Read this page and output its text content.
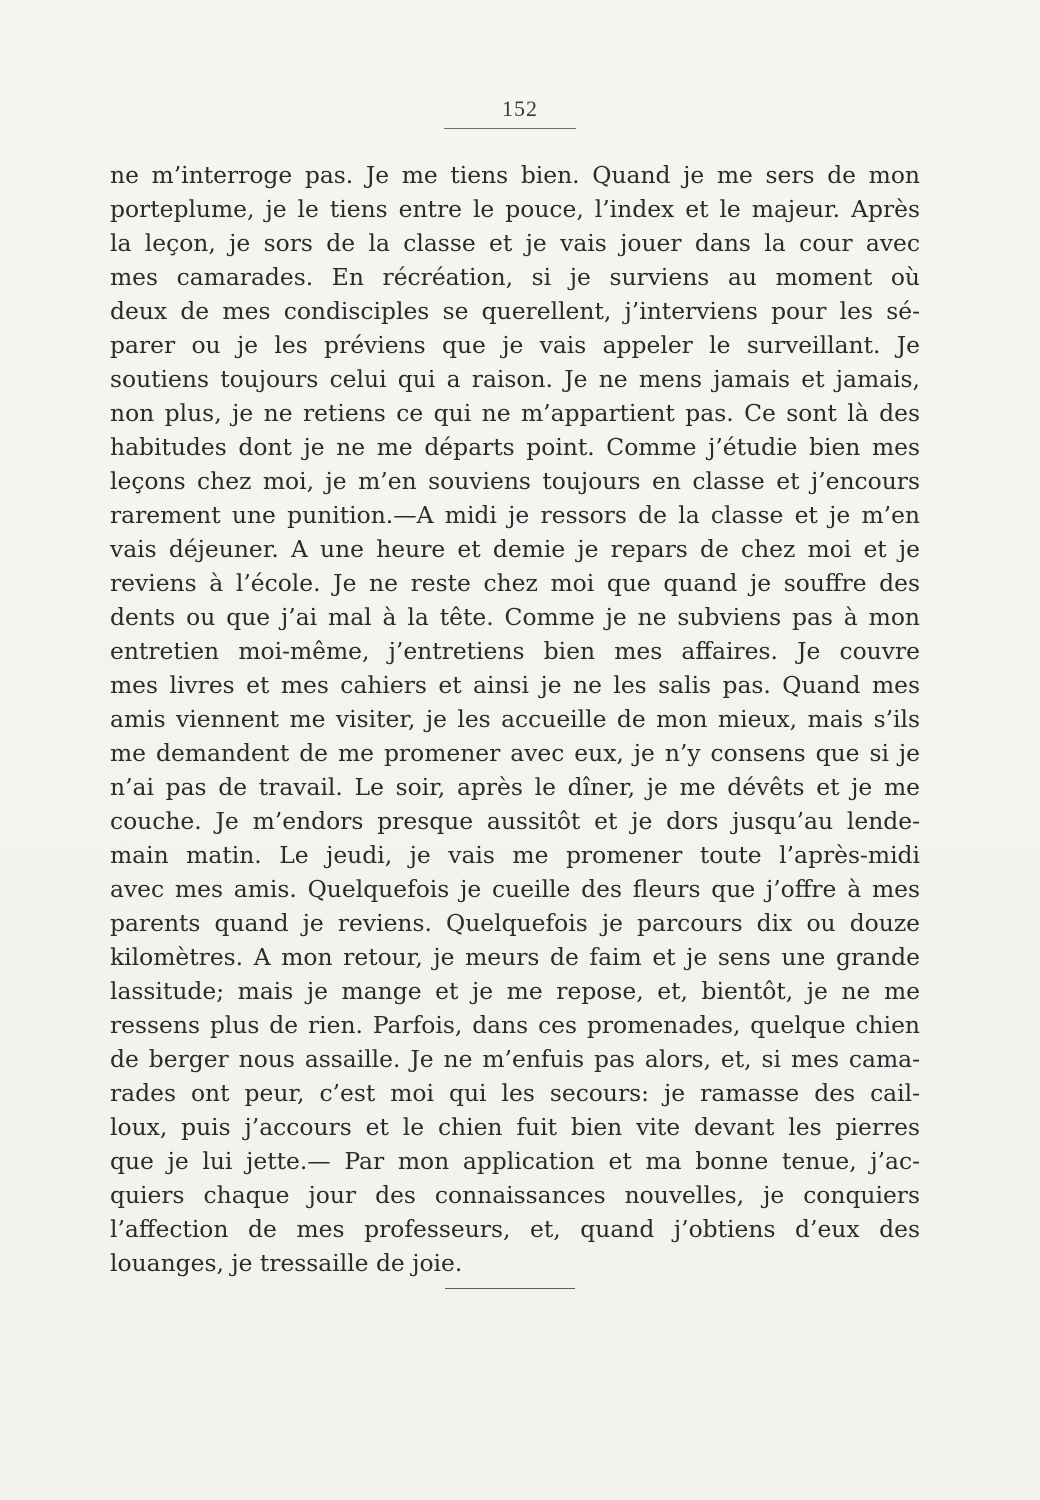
152
ne m’interroge pas. Je me tiens bien. Quand je me sers de mon
porteplume, je le tiens entre le pouce, l’index et le majeur. Après
la leçon, je sors de la classe et je vais jouer dans la cour avec
mes camarades. En récréation, si je surviens au moment où
deux de mes condisciples se querellent, j’interviens pour les sé-
parer ou je les préviens que je vais appeler le surveillant. Je
soutiens toujours celui qui a raison. Je ne mens jamais et jamais,
non plus, je ne retiens ce qui ne m’appartient pas. Ce sont là des
habitudes dont je ne me départs point. Comme j’étudie bien mes
leçons chez moi, je m’en souviens toujours en classe et j’encours
rarement une punition.—A midi je ressors de la classe et je m’en
vais déjeuner. A une heure et demie je repars de chez moi et je
reviens à l’école. Je ne reste chez moi que quand je souffre des
dents ou que j’ai mal à la tête. Comme je ne subviens pas à mon
entretien moi-même, j’entretiens bien mes affaires. Je couvre
mes livres et mes cahiers et ainsi je ne les salis pas. Quand mes
amis viennent me visiter, je les accueille de mon mieux, mais s’ils
me demandent de me promener avec eux, je n’y consens que si je
n’ai pas de travail. Le soir, après le dîner, je me dévêts et je me
couche. Je m’endors presque aussitôt et je dors jusqu’au lende-
main matin. Le jeudi, je vais me promener toute l’après-midi
avec mes amis. Quelquefois je cueille des fleurs que j’offre à mes
parents quand je reviens. Quelquefois je parcours dix ou douze
kilomètres. A mon retour, je meurs de faim et je sens une grande
lassitude; mais je mange et je me repose, et, bientôt, je ne me
ressens plus de rien. Parfois, dans ces promenades, quelque chien
de berger nous assaille. Je ne m’enfuis pas alors, et, si mes cama-
rades ont peur, c’est moi qui les secours: je ramasse des cail-
loux, puis j’accours et le chien fuit bien vite devant les pierres
que je lui jette.— Par mon application et ma bonne tenue, j’ac-
quiers chaque jour des connaissances nouvelles, je conquiers
l’affection de mes professeurs, et, quand j’obtiens d’eux des
louanges, je tressaille de joie.
